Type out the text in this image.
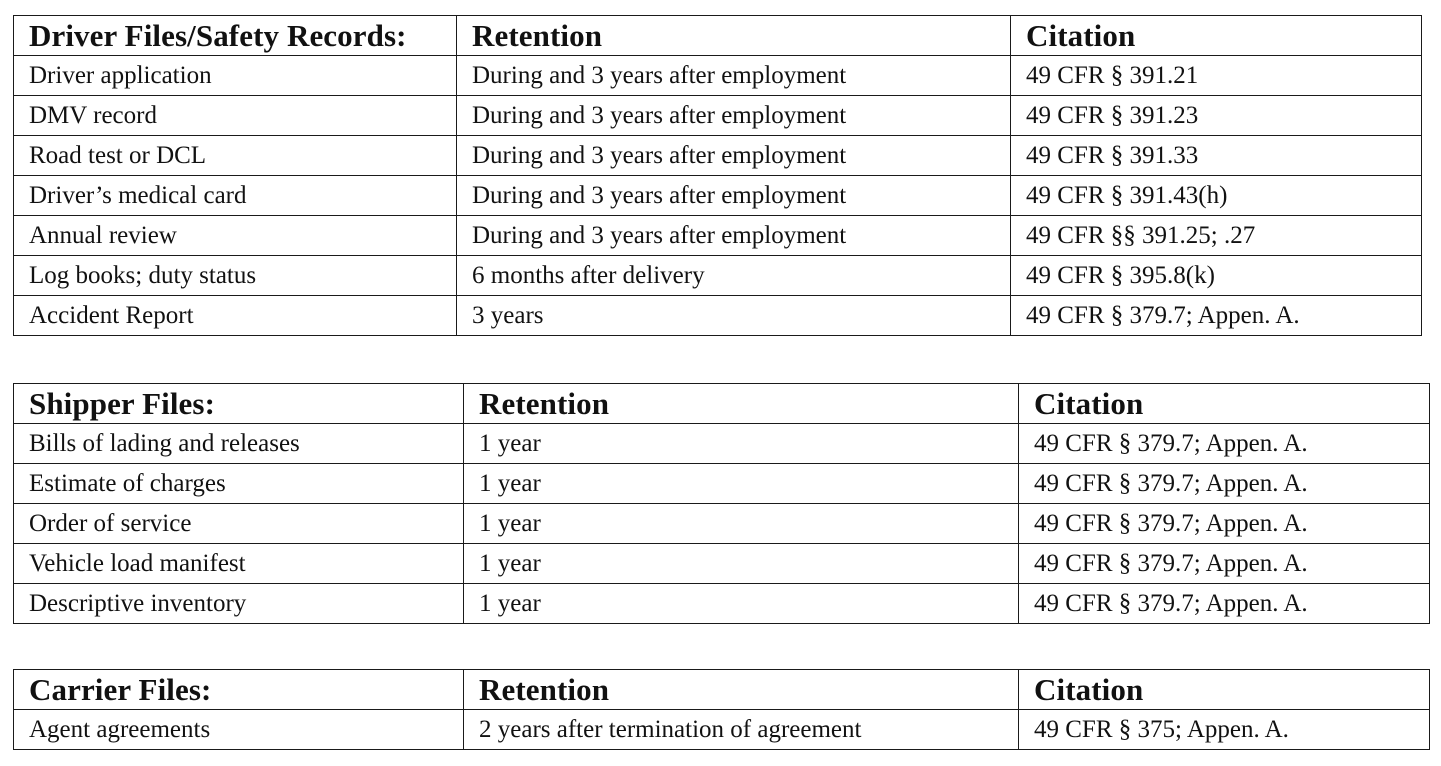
Driver Files/Safety Records:	Retention	Citation
Driver application	During and 3 years after employment	49 CFR § 391.21
DMV record	During and 3 years after employment	49 CFR § 391.23
Road test or DCL	During and 3 years after employment	49 CFR § 391.33
Driver’s medical card	During and 3 years after employment	49 CFR § 391.43(h)
Annual review	During and 3 years after employment	49 CFR §§ 391.25; .27
Log books; duty status	6 months after delivery	49 CFR § 395.8(k)
Accident Report	3 years	49 CFR § 379.7; Appen. A.
Shipper Files:	Retention	Citation
Bills of lading and releases	1 year	49 CFR § 379.7; Appen. A.
Estimate of charges	1 year	49 CFR § 379.7; Appen. A.
Order of service	1 year	49 CFR § 379.7; Appen. A.
Vehicle load manifest	1 year	49 CFR § 379.7; Appen. A.
Descriptive inventory	1 year	49 CFR § 379.7; Appen. A.
Carrier Files:	Retention	Citation
Agent agreements	2 years after termination of agreement	49 CFR § 375; Appen. A.
